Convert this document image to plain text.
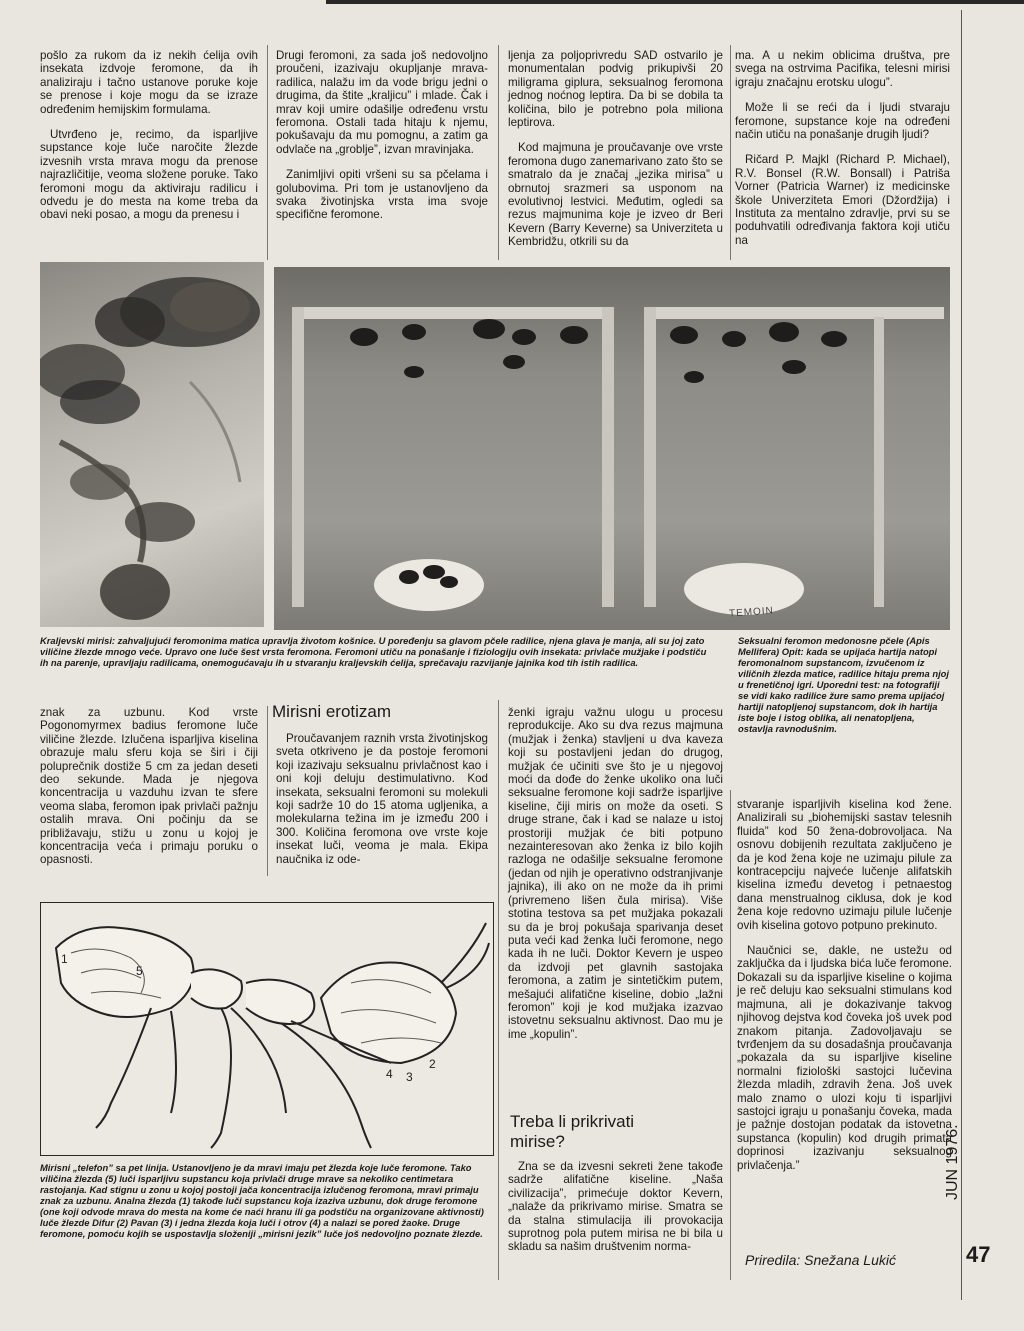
pošlo za rukom da iz nekih ćelija ovih insekata izdvoje feromone, da ih analiziraju i tačno ustanove poruke koje se prenose i koje mogu da se izraze određenim hemijskim formulama.

Utvrđeno je, recimo, da isparljive supstance koje luče naročite žlezde izvesnih vrsta mrava mogu da prenose najrazličitije, veoma složene poruke. Tako feromoni mogu da aktiviraju radilicu i odvedu je do mesta na kome treba da obavi neki posao, a mogu da prenesu i

Drugi feromoni, za sada još nedovoljno proučeni, izazivaju okupljanje mrava-radilica, nalažu im da vode brigu jedni o drugima, da štite „kraljicu” i mlade. Čak i mrav koji umire odašilje određenu vrstu feromona. Ostali tada hitaju k njemu, pokušavaju da mu pomognu, a zatim ga odvlače na „groblje”, izvan mravinjaka.

Zanimljivi opiti vršeni su sa pčelama i golubovima. Pri tom je ustanovljeno da svaka životinjska vrsta ima svoje specifične feromone.

ljenja za poljoprivredu SAD ostvarilo je monumentalan podvig prikupivši 20 miligrama giplura, seksualnog feromona jednog noćnog leptira. Da bi se dobila ta količina, bilo je potrebno pola miliona leptirova.

Kod majmuna je proučavanje ove vrste feromona dugo zanemarivano zato što se smatralo da je značaj „jezika mirisa” u obrnutoj srazmeri sa usponom na evolutivnoj lestvici. Međutim, ogledi sa rezus majmunima koje je izveo dr Beri Kevern (Barry Keverne) sa Univerziteta u Kembridžu, otkrili su da

ma. A u nekim oblicima društva, pre svega na ostrvima Pacifika, telesni mirisi igraju značajnu erotsku ulogu”.

Može li se reći da i ljudi stvaraju feromone, supstance koje na određeni način utiču na ponašanje drugih ljudi?

Ričard P. Majkl (Richard P. Michael), R.V. Bonsel (R.W. Bonsall) i Patriša Vorner (Patricia Warner) iz medicinske škole Univerziteta Emori (Džordžija) i Instituta za mentalno zdravlje, prvi su se poduhvatili određivanja faktora koji utiču na

TEMOIN
Kraljevski mirisi: zahvaljujući feromonima matica upravlja životom košnice. U poređenju sa glavom pčele radilice, njena glava je manja, ali su joj zato viličine žlezde mnogo veće. Upravo one luče šest vrsta feromona. Feromoni utiču na ponašanje i fiziologiju ovih insekata: privlače mužjake i podstiču ih na parenje, upravljaju radilicama, onemogućavaju ih u stvaranju kraljevskih ćelija, sprečavaju razvijanje jajnika kod tih istih radilica.
Seksualni feromon medonosne pčele (Apis Mellifera) Opit: kada se upijaća hartija natopi feromonalnom supstancom, izvučenom iz viličnih žlezda matice, radilice hitaju prema njoj u frenetičnoj igri. Uporedni test: na fotografiji se vidi kako radilice žure samo prema upijaćoj hartiji natopljenoj supstancom, dok ih hartija iste boje i istog oblika, ali nenatopljena, ostavlja ravnodušnim.

znak za uzbunu. Kod vrste Pogonomyrmex badius feromone luče viličine žlezde. Izlučena isparljiva kiselina obrazuje malu sferu koja se širi i čiji poluprečnik dostiže 5 cm za jedan deseti deo sekunde. Mada je njegova koncentracija u vazduhu izvan te sfere veoma slaba, feromon ipak privlači pažnju ostalih mrava. Oni počinju da se približavaju, stižu u zonu u kojoj je koncentracija veća i primaju poruku o opasnosti.

Mirisni erotizam

Proučavanjem raznih vrsta životinjskog sveta otkriveno je da postoje feromoni koji izazivaju seksualnu privlačnost kao i oni koji deluju destimulativno. Kod insekata, seksualni feromoni su molekuli koji sadrže 10 do 15 atoma ugljenika, a molekularna težina im je između 200 i 300. Količina feromona ove vrste koje insekat luči, veoma je mala. Ekipa naučnika iz ode-

ženki igraju važnu ulogu u procesu reprodukcije. Ako su dva rezus majmuna (mužjak i ženka) stavljeni u dva kaveza koji su postavljeni jedan do drugog, mužjak će učiniti sve što je u njegovoj moći da dođe do ženke ukoliko ona luči seksualne feromone koji sadrže isparljive kiseline, čiji miris on može da oseti. S druge strane, čak i kad se nalaze u istoj prostoriji mužjak će biti potpuno nezainteresovan ako ženka iz bilo kojih razloga ne odašilje seksualne feromone (jedan od njih je operativno odstranjivanje jajnika), ili ako on ne može da ih primi (privremeno lišen čula mirisa). Više stotina testova sa pet mužjaka pokazali su da je broj pokušaja sparivanja deset puta veći kad ženka luči feromone, nego kada ih ne luči. Doktor Kevern je uspeo da izdvoji pet glavnih sastojaka feromona, a zatim je sintetičkim putem, mešajući alifatične kiseline, dobio „lažni feromon” koji je kod mužjaka izazvao istovetnu seksualnu aktivnost. Dao mu je ime „kopulin”.

Treba li prikrivati mirise?

Zna se da izvesni sekreti žene takođe sadrže alifatične kiseline. „Naša civilizacija”, primećuje doktor Kevern, „nalaže da prikrivamo mirise. Smatra se da stalna stimulacija ili provokacija suprotnog pola putem mirisa ne bi bila u skladu sa našim društvenim norma-

stvaranje isparljivih kiselina kod žene. Analizirali su „biohemijski sastav telesnih fluida” kod 50 žena-dobrovoljaca. Na osnovu dobijenih rezultata zaključeno je da je kod žena koje ne uzimaju pilule za kontracepciju najveće lučenje alifatskih kiselina između devetog i petnaestog dana menstrualnog ciklusa, dok je kod žena koje redovno uzimaju pilule lučenje ovih kiselina gotovo potpuno prekinuto.

Naučnici se, dakle, ne ustežu od zaključka da i ljudska bića luče feromone. Dokazali su da isparljive kiseline o kojima je reč deluju kao seksualni stimulans kod majmuna, ali je dokazivanje takvog njihovog dejstva kod čoveka još uvek pod znakom pitanja. Zadovoljavaju se tvrđenjem da su dosadašnja proučavanja „pokazala da su isparljive kiseline normalni fiziološki sastojci lučevina žlezda mladih, zdravih žena. Još uvek malo znamo o ulozi koju ti isparljivi sastojci igraju u ponašanju čoveka, mada je pažnje dostojan podatak da istovetna supstanca (kopulin) kod drugih primata doprinosi izazivanju seksualnog privlačenja.”

Priredila: Snežana Lukić
5
1
4 3
2
Mirisni „telefon” sa pet linija. Ustanovljeno je da mravi imaju pet žlezda koje luče feromone. Tako viličina žlezda (5) luči isparljivu supstancu koja privlači druge mrave sa nekoliko centimetara rastojanja. Kad stignu u zonu u kojoj postoji jača koncentracija izlučenog feromona, mravi primaju znak za uzbunu. Analna žlezda (1) takođe luči supstancu koja izaziva uzbunu, dok druge feromone (one koji odvode mrava do mesta na kome će naći hranu ili ga podstiču na organizovane aktivnosti) luče žlezde Difur (2) Pavan (3) i jedna žlezda koja luči i otrov (4) a nalazi se pored žaoke. Druge feromone, pomoću kojih se uspostavlja složeniji „mirisni jezik” luče još nedovoljno poznate žlezde.
JUN 1976.
47
